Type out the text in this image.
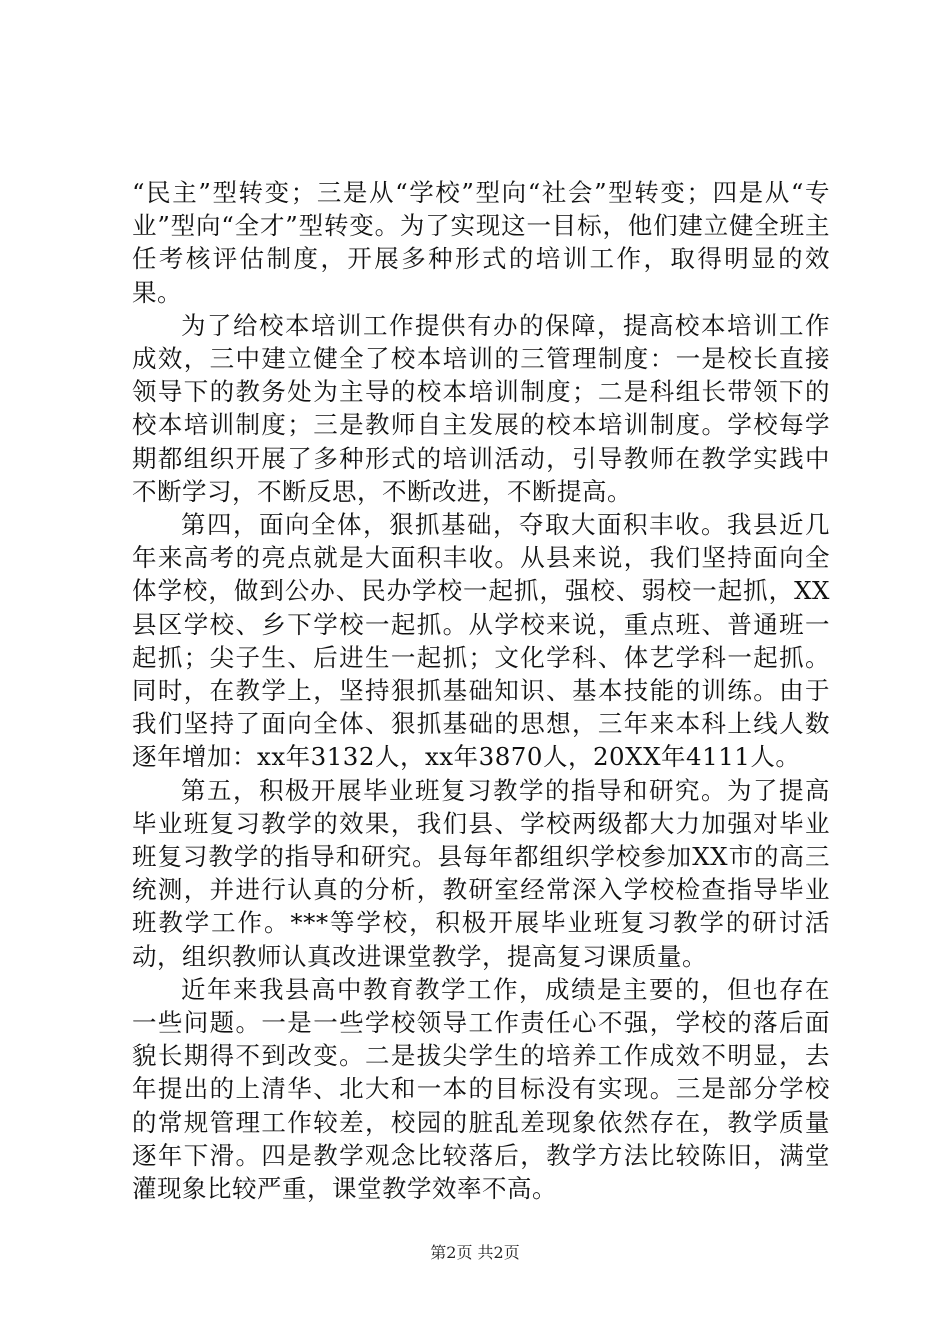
“民主”型转变；三是从“学校”型向“社会”型转变；四是从“专业”型向“全才”型转变。为了实现这一目标，他们建立健全班主任考核评估制度，开展多种形式的培训工作，取得明显的效果。

为了给校本培训工作提供有办的保障，提高校本培训工作成效，三中建立健全了校本培训的三管理制度：一是校长直接领导下的教务处为主导的校本培训制度；二是科组长带领下的校本培训制度；三是教师自主发展的校本培训制度。学校每学期都组织开展了多种形式的培训活动，引导教师在教学实践中不断学习，不断反思，不断改进，不断提高。

第四，面向全体，狠抓基础，夺取大面积丰收。我县近几年来高考的亮点就是大面积丰收。从县来说，我们坚持面向全体学校，做到公办、民办学校一起抓，强校、弱校一起抓，XX县区学校、乡下学校一起抓。从学校来说，重点班、普通班一起抓；尖子生、后进生一起抓；文化学科、体艺学科一起抓。同时，在教学上，坚持狠抓基础知识、基本技能的训练。由于我们坚持了面向全体、狠抓基础的思想，三年来本科上线人数逐年增加：xx年3132人，xx年3870人，20XX年4111人。

第五，积极开展毕业班复习教学的指导和研究。为了提高毕业班复习教学的效果，我们县、学校两级都大力加强对毕业班复习教学的指导和研究。县每年都组织学校参加XX市的高三统测，并进行认真的分析，教研室经常深入学校检查指导毕业班教学工作。***等学校，积极开展毕业班复习教学的研讨活动，组织教师认真改进课堂教学，提高复习课质量。

近年来我县高中教育教学工作，成绩是主要的，但也存在一些问题。一是一些学校领导工作责任心不强，学校的落后面貌长期得不到改变。二是拔尖学生的培养工作成效不明显，去年提出的上清华、北大和一本的目标没有实现。三是部分学校的常规管理工作较差，校园的脏乱差现象依然存在，教学质量逐年下滑。四是教学观念比较落后，教学方法比较陈旧，满堂灌现象比较严重，课堂教学效率不高。

第2页 共2页
